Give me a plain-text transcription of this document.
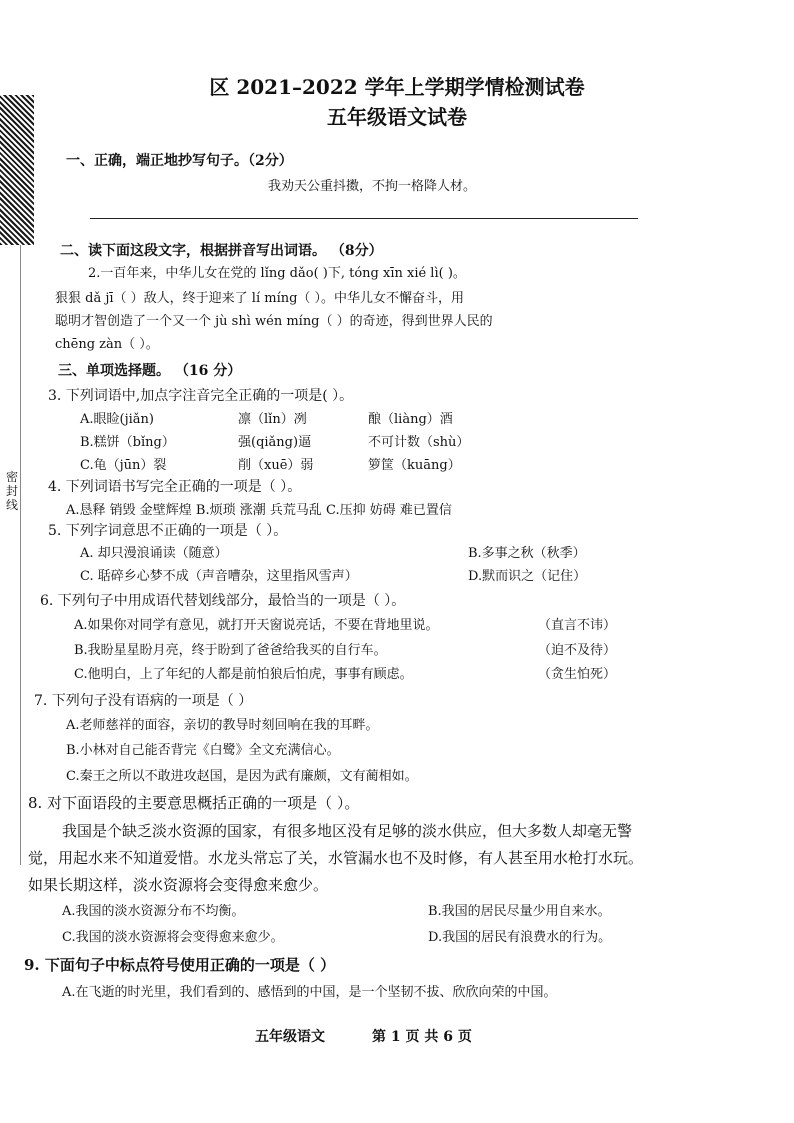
密 封 线
区 2021–2022 学年上学期学情检测试卷
五年级语文试卷
一、正确，端正地抄写句子。（2分）
我劝天公重抖擞，不拘一格降人材。
二、读下面这段文字，根据拼音写出词语。 （8分）
2.一百年来，中华儿女在党的 lǐng dǎo( )下, tóng xīn xié lì( )。
狠狠 dǎ jī（ ）敌人，终于迎来了 lí míng（ ）。中华儿女不懈奋斗，用
聪明才智创造了一个又一个 jù shì wén míng（ ）的奇迹，得到世界人民的
chēng zàn（ ）。
三、单项选择题。 （16 分）
3. 下列词语中,加点字注音完全正确的一项是( ）。
A.眼睑(jiǎn)	凛（lǐn）冽	酿（liàng）酒
B.糕饼（bǐng）	强(qiǎng)逼	不可计数（shù）
C.龟（jūn）裂	削（xuē）弱	箩筐（kuāng）
4. 下列词语书写完全正确的一项是（ ）。
A.恳释 销毁 金壁辉煌 B.烦琐 涨潮 兵荒马乱 C.压抑 妨碍 难已置信
5. 下列字词意思不正确的一项是（ ）。
A. 却只漫浪诵读（随意）	B.多事之秋（秋季）
C. 聒碎乡心梦不成（声音嘈杂，这里指风雪声）	D.默而识之（记住）
6. 下列句子中用成语代替划线部分，最恰当的一项是（ ）。
A.如果你对同学有意见，就打开天窗说亮话，不要在背地里说。	（直言不讳）
B.我盼星星盼月亮，终于盼到了爸爸给我买的自行车。	（迫不及待）
C.他明白，上了年纪的人都是前怕狼后怕虎，事事有顾虑。	（贪生怕死）
7. 下列句子没有语病的一项是（ ）
A.老师慈祥的面容，亲切的教导时刻回响在我的耳畔。
B.小林对自己能否背完《白鹭》全文充满信心。
C.秦王之所以不敢进攻赵国，是因为武有廉颇，文有蔺相如。
8. 对下面语段的主要意思概括正确的一项是（ ）。
我国是个缺乏淡水资源的国家，有很多地区没有足够的淡水供应，但大多数人却毫无警
觉，用起水来不知道爱惜。水龙头常忘了关，水管漏水也不及时修，有人甚至用水枪打水玩。
如果长期这样，淡水资源将会变得愈来愈少。
A.我国的淡水资源分布不均衡。	B.我国的居民尽量少用自来水。
C.我国的淡水资源将会变得愈来愈少。	D.我国的居民有浪费水的行为。
9. 下面句子中标点符号使用正确的一项是（ ）
A.在飞逝的时光里，我们看到的、感悟到的中国，是一个坚韧不拔、欣欣向荣的中国。
五年级语文	第 1 页 共 6 页
